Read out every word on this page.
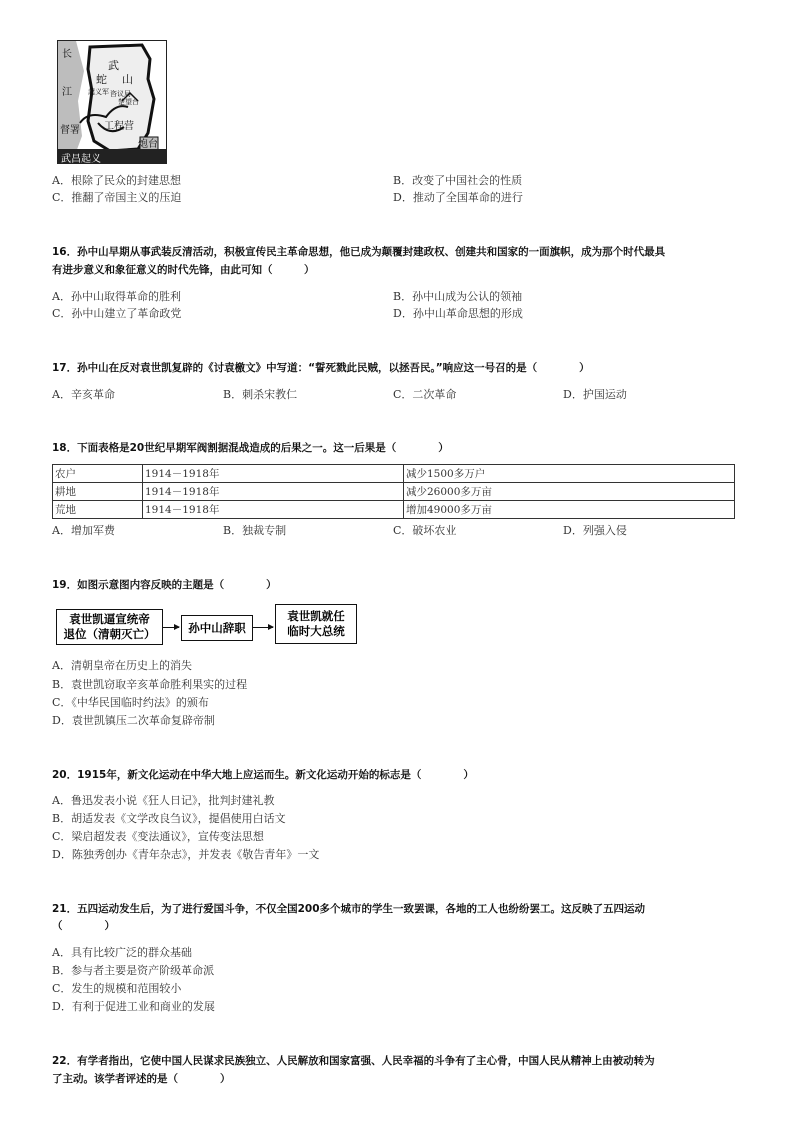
长
江
武
蛇 山
起义军 咨议局
楚望台
工程营
督署
炮台
武昌起义
A．根除了民众的封建思想	B．改变了中国社会的性质
C．推翻了帝国主义的压迫	D．推动了全国革命的进行
16．孙中山早期从事武装反清活动，积极宣传民主革命思想，他已成为颠覆封建政权、创建共和国家的一面旗帜，成为那个时代最具
有进步意义和象征意义的时代先锋，由此可知（　　　）
A．孙中山取得革命的胜利	B．孙中山成为公认的领袖
C．孙中山建立了革命政党	D．孙中山革命思想的形成
17．孙中山在反对袁世凯复辟的《讨袁檄文》中写道：“誓死戮此民贼，以拯吾民。”响应这一号召的是（　　　　）
A．辛亥革命	B．刺杀宋教仁	C．二次革命	D．护国运动
18．下面表格是20世纪早期军阀割据混战造成的后果之一。这一后果是（　　　　）
农户	1914－1918年	减少1500多万户
耕地	1914－1918年	减少26000多万亩
荒地	1914－1918年	增加49000多万亩
A．增加军费	B．独裁专制	C．破坏农业	D．列强入侵
19．如图示意图内容反映的主题是（　　　　）
袁世凯逼宣统帝
退位（清朝灭亡）	孙中山辞职
袁世凯就任
临时大总统
A．清朝皇帝在历史上的消失
B．袁世凯窃取辛亥革命胜利果实的过程
C．《中华民国临时约法》的颁布
D．袁世凯镇压二次革命复辟帝制
20．1915年，新文化运动在中华大地上应运而生。新文化运动开始的标志是（　　　　）
A．鲁迅发表小说《狂人日记》，批判封建礼教
B．胡适发表《文学改良刍议》，提倡使用白话文
C．梁启超发表《变法通议》，宣传变法思想
D．陈独秀创办《青年杂志》，并发表《敬告青年》一文
21．五四运动发生后，为了进行爱国斗争，不仅全国200多个城市的学生一致罢课，各地的工人也纷纷罢工。这反映了五四运动
（　　　　）
A．具有比较广泛的群众基础
B．参与者主要是资产阶级革命派
C．发生的规模和范围较小
D．有利于促进工业和商业的发展
22．有学者指出，它使中国人民谋求民族独立、人民解放和国家富强、人民幸福的斗争有了主心骨，中国人民从精神上由被动转为
了主动。该学者评述的是（　　　　）
